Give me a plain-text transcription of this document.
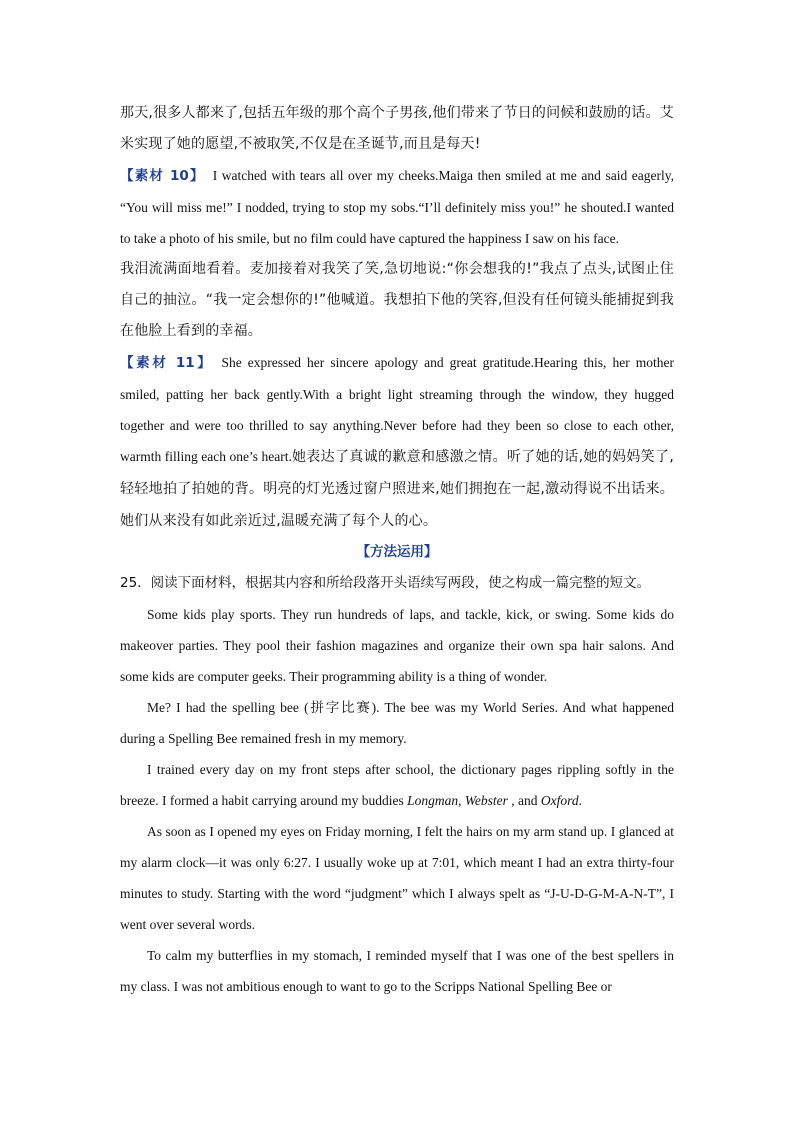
那天,很多人都来了,包括五年级的那个高个子男孩,他们带来了节日的问候和鼓励的话。艾米实现了她的愿望,不被取笑,不仅是在圣诞节,而且是每天!

【素材 10】 I watched with tears all over my cheeks.Maiga then smiled at me and said eagerly, “You will miss me!” I nodded, trying to stop my sobs.“I’ll definitely miss you!” he shouted.I wanted to take a photo of his smile, but no film could have captured the happiness I saw on his face.

我泪流满面地看着。麦加接着对我笑了笑,急切地说:“你会想我的!”我点了点头,试图止住自己的抽泣。“我一定会想你的!”他喊道。我想拍下他的笑容,但没有任何镜头能捕捉到我在他脸上看到的幸福。

【素材 11】 She expressed her sincere apology and great gratitude.Hearing this, her mother smiled, patting her back gently.With a bright light streaming through the window, they hugged together and were too thrilled to say anything.Never before had they been so close to each other, warmth filling each one’s heart.她表达了真诚的歉意和感激之情。听了她的话,她的妈妈笑了,轻轻地拍了拍她的背。明亮的灯光透过窗户照进来,她们拥抱在一起,激动得说不出话来。她们从来没有如此亲近过,温暖充满了每个人的心。

【方法运用】

25．阅读下面材料，根据其内容和所给段落开头语续写两段，使之构成一篇完整的短文。

Some kids play sports. They run hundreds of laps, and tackle, kick, or swing. Some kids do makeover parties. They pool their fashion magazines and organize their own spa hair salons. And some kids are computer geeks. Their programming ability is a thing of wonder.

Me? I had the spelling bee (拼字比赛). The bee was my World Series. And what happened during a Spelling Bee remained fresh in my memory.

I trained every day on my front steps after school, the dictionary pages rippling softly in the breeze. I formed a habit carrying around my buddies Longman, Webster , and Oxford.

As soon as I opened my eyes on Friday morning, I felt the hairs on my arm stand up. I glanced at my alarm clock—it was only 6:27. I usually woke up at 7:01, which meant I had an extra thirty-four minutes to study. Starting with the word “judgment” which I always spelt as “J-U-D-G-M-A-N-T”, I went over several words.

To calm my butterflies in my stomach, I reminded myself that I was one of the best spellers in my class. I was not ambitious enough to want to go to the Scripps National Spelling Bee or
